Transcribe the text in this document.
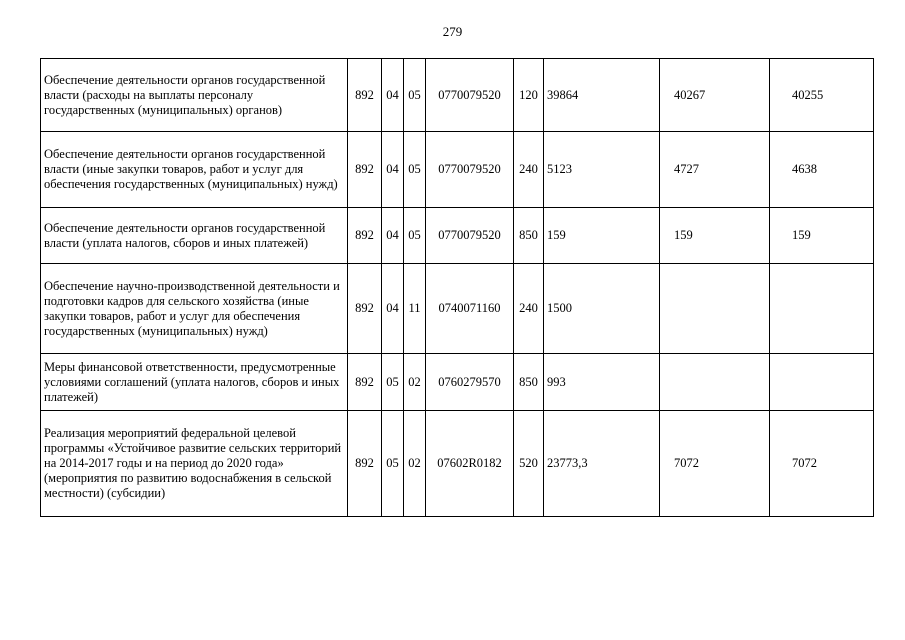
279
Обеспечение деятельности органов государственной власти (расходы на выплаты персоналу государственных (муниципальных) органов)	892	04	05	0770079520	120	39864	40267	40255
Обеспечение деятельности органов государственной власти (иные закупки товаров, работ и услуг для обеспечения государственных (муниципальных) нужд)	892	04	05	0770079520	240	5123	4727	4638
Обеспечение деятельности органов государственной власти (уплата налогов, сборов и иных платежей)	892	04	05	0770079520	850	159	159	159
Обеспечение научно-производственной деятельности и подготовки кадров для сельского хозяйства (иные закупки товаров, работ и услуг для обеспечения государственных (муниципальных) нужд)	892	04	11	0740071160	240	1500		
Меры финансовой ответственности, предусмотренные условиями соглашений (уплата налогов, сборов и иных платежей)	892	05	02	0760279570	850	993		
Реализация мероприятий федеральной целевой программы «Устойчивое развитие сельских территорий на 2014-2017 годы и на период до 2020 года» (мероприятия по развитию водоснабжения в сельской местности) (субсидии)	892	05	02	07602R0182	520	23773,3	7072	7072
